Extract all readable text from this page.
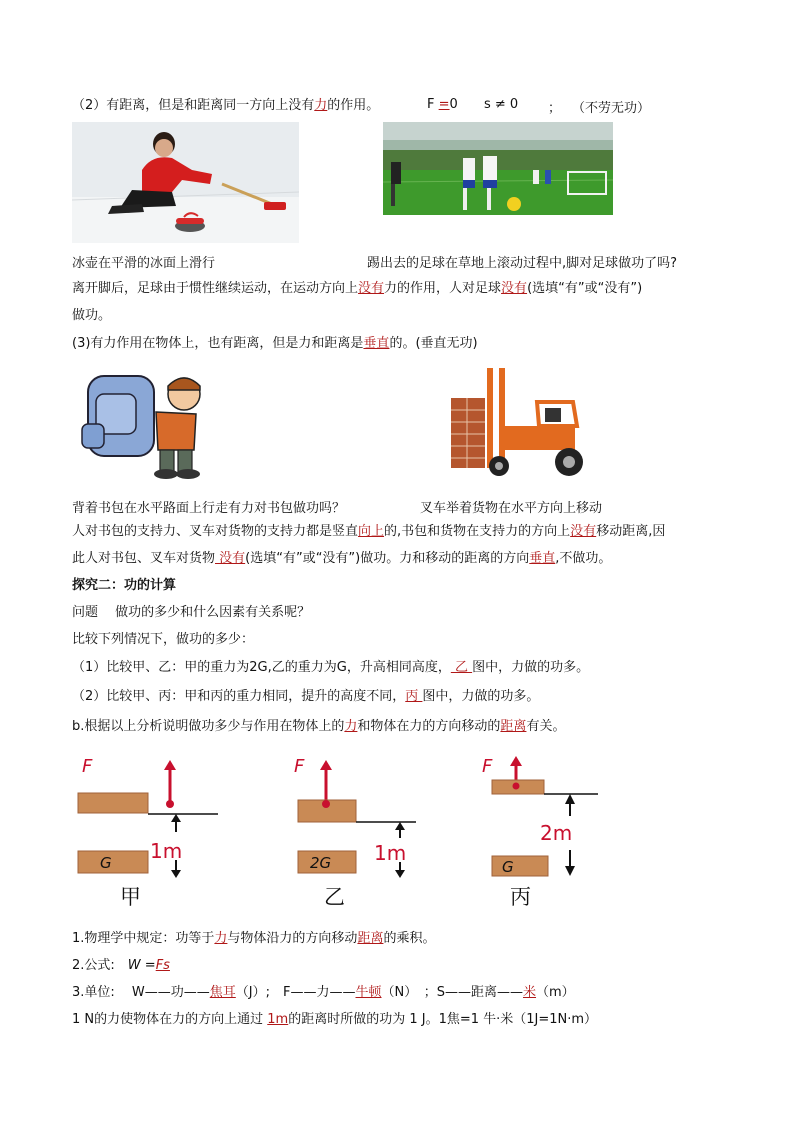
（2）有距离，但是和距离同一方向上没有力的作用。	F =0 s ≠ 0 ； （不劳无功）
冰壶在平滑的冰面上滑行	踢出去的足球在草地上滚动过程中,脚对足球做功了吗?
离开脚后，足球由于惯性继续运动，在运动方向上没有力的作用，人对足球没有(选填“有”或“没有”)
做功。
(3)有力作用在物体上，也有距离，但是力和距离是垂直的。(垂直无功)
背着书包在水平路面上行走有力对书包做功吗？	叉车举着货物在水平方向上移动
人对书包的支持力、叉车对货物的支持力都是竖直向上的,书包和货物在支持力的方向上没有移动距离,因
此人对书包、叉车对货物 没有(选填“有”或“没有”)做功。力和移动的距离的方向垂直,不做功。
探究二：功的计算
问题　 做功的多少和什么因素有关系呢？
比较下列情况下，做功的多少：
（1）比较甲、乙：甲的重力为2G,乙的重力为G，升高相同高度， 乙 图中，力做的功多。
（2）比较甲、丙：甲和丙的重力相同，提升的高度不同，丙 图中，力做的功多。
b.根据以上分析说明做功多少与作用在物体上的力和物体在力的方向移动的距离有关。
F
1m
G
甲
F
1m
2G
乙
F
2m
G
丙
1.物理学中规定：功等于力与物体沿力的方向移动距离的乘积。
2.公式:　W =Fs
3.单位:　 W——功——焦耳（J）;　F——力——牛顿（N）　；S——距离——米（m）
1 N的力使物体在力的方向上通过 1m的距离时所做的功为 1 J。1焦=1 牛·米（1J=1N·m）
